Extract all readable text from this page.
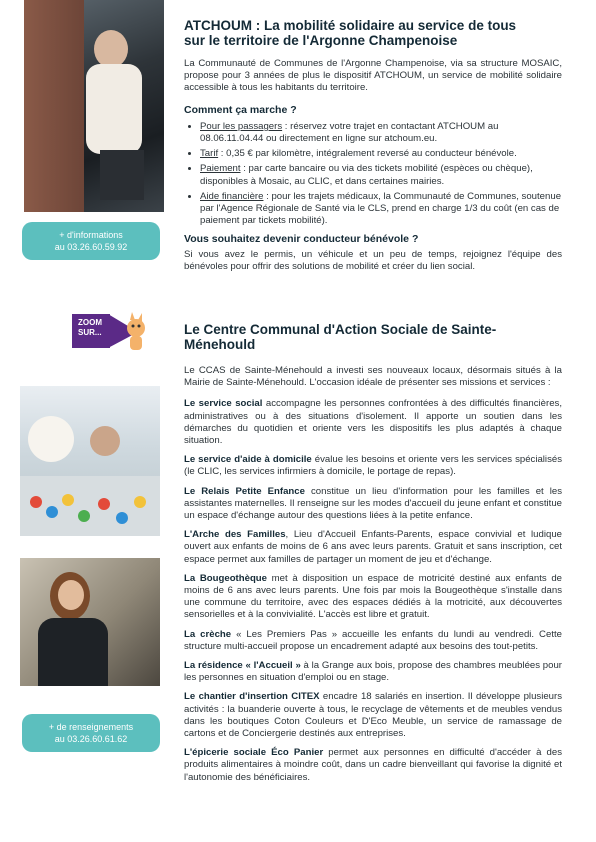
+ d'informations
au 03.26.60.59.92
ZOOM
SUR...
+ de renseignements
au 03.26.60.61.62
ATCHOUM : La mobilité solidaire au service de tous
sur le territoire de l'Argonne Champenoise

La Communauté de Communes de l'Argonne Champenoise, via sa structure MOSAIC, propose pour 3 années de plus le dispositif ATCHOUM, un service de mobilité solidaire accessible à tous les habitants du territoire.

Comment ça marche ?
• Pour les passagers : réservez votre trajet en contactant ATCHOUM au 08.06.11.04.44 ou directement en ligne sur atchoum.eu.
• Tarif : 0,35 € par kilomètre, intégralement reversé au conducteur bénévole.
• Paiement : par carte bancaire ou via des tickets mobilité (espèces ou chèque), disponibles à Mosaic, au CLIC, et dans certaines mairies.
• Aide financière : pour les trajets médicaux, la Communauté de Communes, soutenue par l'Agence Régionale de Santé via le CLS, prend en charge 1/3 du coût (en cas de paiement par tickets mobilité).
Vous souhaitez devenir conducteur bénévole ?

Si vous avez le permis, un véhicule et un peu de temps, rejoignez l'équipe des bénévoles pour offrir des solutions de mobilité et créer du lien social.

Le Centre Communal d'Action Sociale de Sainte-Ménehould

Le CCAS de Sainte-Ménehould a investi ses nouveaux locaux, désormais situés à la Mairie de Sainte-Ménehould. L'occasion idéale de présenter ses missions et services :

Le service social accompagne les personnes confrontées à des difficultés financières, administratives ou à des situations d'isolement. Il apporte un soutien dans les démarches du quotidien et oriente vers les dispositifs les plus adaptés à chaque situation.

Le service d'aide à domicile évalue les besoins et oriente vers les services spécialisés (le CLIC, les services infirmiers à domicile, le portage de repas).

Le Relais Petite Enfance constitue un lieu d'information pour les familles et les assistantes maternelles. Il renseigne sur les modes d'accueil du jeune enfant et constitue un espace d'échange autour des questions liées à la petite enfance.

L'Arche des Familles, Lieu d'Accueil Enfants-Parents, espace convivial et ludique ouvert aux enfants de moins de 6 ans avec leurs parents. Gratuit et sans inscription, cet espace permet aux familles de partager un moment de jeu et d'échange.

La Bougeothèque met à disposition un espace de motricité destiné aux enfants de moins de 6 ans avec leurs parents. Une fois par mois la Bougeothèque s'installe dans une commune du territoire, avec des espaces dédiés à la motricité, aux découvertes sensorielles et à la convivialité. L'accès est libre et gratuit.

La crèche « Les Premiers Pas » accueille les enfants du lundi au vendredi. Cette structure multi-accueil propose un encadrement adapté aux besoins des tout-petits.

La résidence « l'Accueil » à la Grange aux bois, propose des chambres meublées pour les personnes en situation d'emploi ou en stage.

Le chantier d'insertion CITEX encadre 18 salariés en insertion. Il développe plusieurs activités : la buanderie ouverte à tous, le recyclage de vêtements et de meubles vendus dans les boutiques Coton Couleurs et D'Eco Meuble, un service de ramassage de cartons et de Conciergerie destinés aux entreprises.

L'épicerie sociale Éco Panier permet aux personnes en difficulté d'accéder à des produits alimentaires à moindre coût, dans un cadre bienveillant qui favorise la dignité et l'autonomie des bénéficiaires.
